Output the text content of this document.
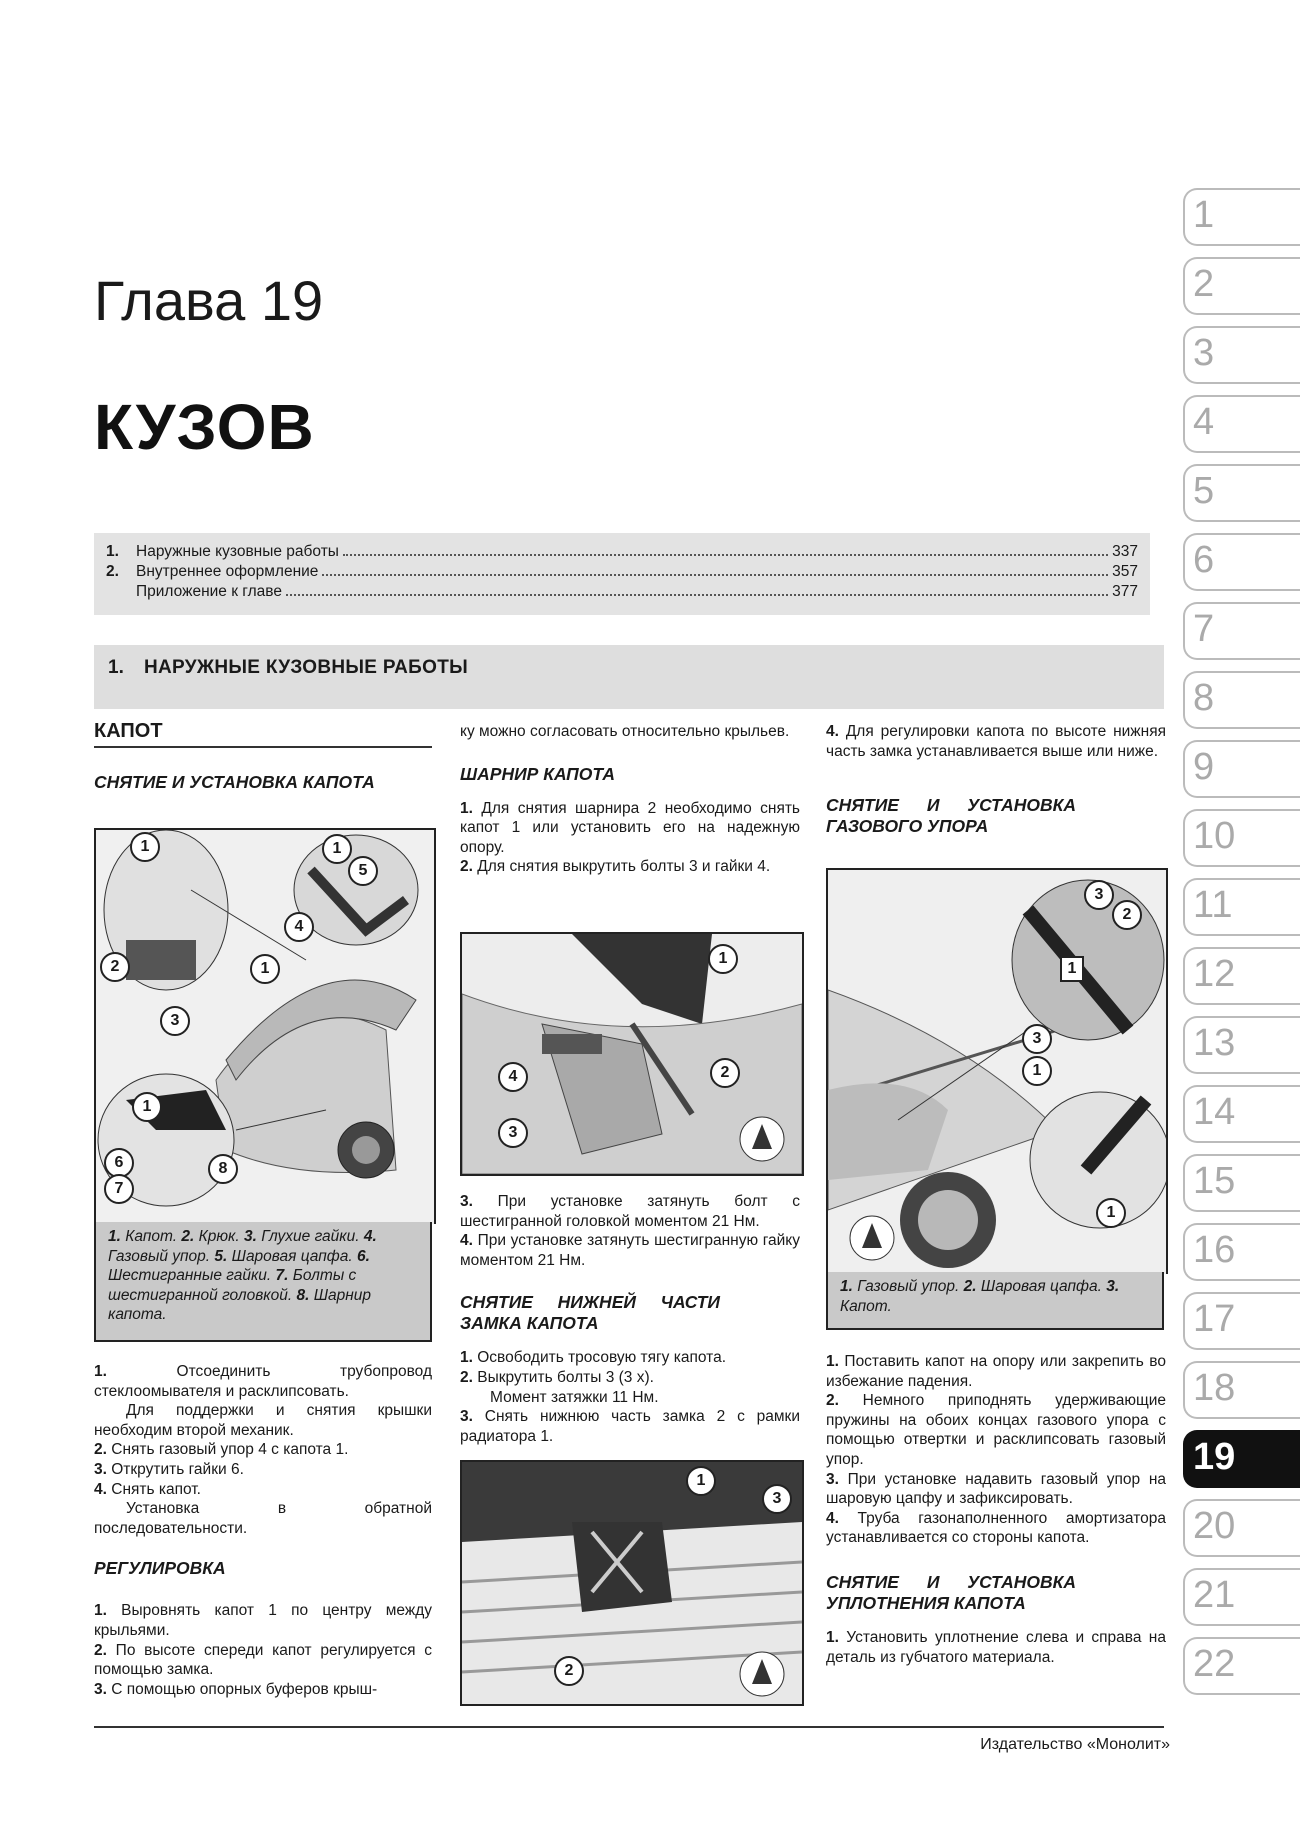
Глава 19
КУЗОВ
1.	Наружные кузовные работы	337
2.	Внутреннее оформление	357
Приложение к главе	377
1. НАРУЖНЫЕ КУЗОВНЫЕ РАБОТЫ
КАПОТ
СНЯТИЕ И УСТАНОВКА КАПОТА
1
2
3
1
5
4
1
6
7
8
1
1. Капот. 2. Крюк. 3. Глухие гайки. 4. Газовый упор. 5. Шаровая цапфа. 6. Шестигранные гайки. 7. Болты с шестигранной головкой. 8. Шарнир капота.

1.	Отсоединить трубопровод стеклоомывателя и расклипсовать.

Для поддержки и снятия крышки необходим второй механик.

2. Снять газовый упор 4 с капота 1.

3. Открутить гайки 6.

4. Снять капот.

Установка в обратной последовательности.

РЕГУЛИРОВКА

1. Выровнять капот 1 по центру между крыльями.

2. По высоте спереди капот регулируется с помощью замка.

3. С помощью опорных буферов крыш-

ку можно согласовать относительно крыльев.

ШАРНИР КАПОТА

1. Для снятия шарнира 2 необходимо снять капот 1 или установить его на надежную опору.

2. Для снятия выкрутить болты 3 и гайки 4.

1
2
4
3

3. При установке затянуть болт с шестигранной головкой моментом 21 Нм.

4. При установке затянуть шестигранную гайку моментом 21 Нм.

СНЯТИЕ НИЖНЕЙ ЧАСТИ ЗАМКА КАПОТА

1. Освободить тросовую тягу капота.

2. Выкрутить болты 3 (3 х).

Момент затяжки 11 Нм.

3. Снять нижнюю часть замка 2 с рамки радиатора 1.

1
2
3

4. Для регулировки капота по высоте нижняя часть замка устанавливается выше или ниже.

СНЯТИЕ И УСТАНОВКА ГАЗОВОГО УПОРА
3
2
3
1
1
1
1. Газовый упор. 2. Шаровая цапфа. 3. Капот.

1. Поставить капот на опору или закрепить во избежание падения.

2. Немного приподнять удерживающие пружины на обоих концах газового упора с помощью отвертки и расклипсовать газовый упор.

3. При установке надавить газовый упор на шаровую цапфу и зафиксировать.

4. Труба газонаполненного амортизатора устанавливается со стороны капота.

СНЯТИЕ И УСТАНОВКА УПЛОТНЕНИЯ КАПОТА

1. Установить уплотнение слева и справа на деталь из губчатого материала.

1
2
3
4
5
6
7
8
9
10
11
12
13
14
15
16
17
18
19
20
21
22
Издательство «Монолит»
